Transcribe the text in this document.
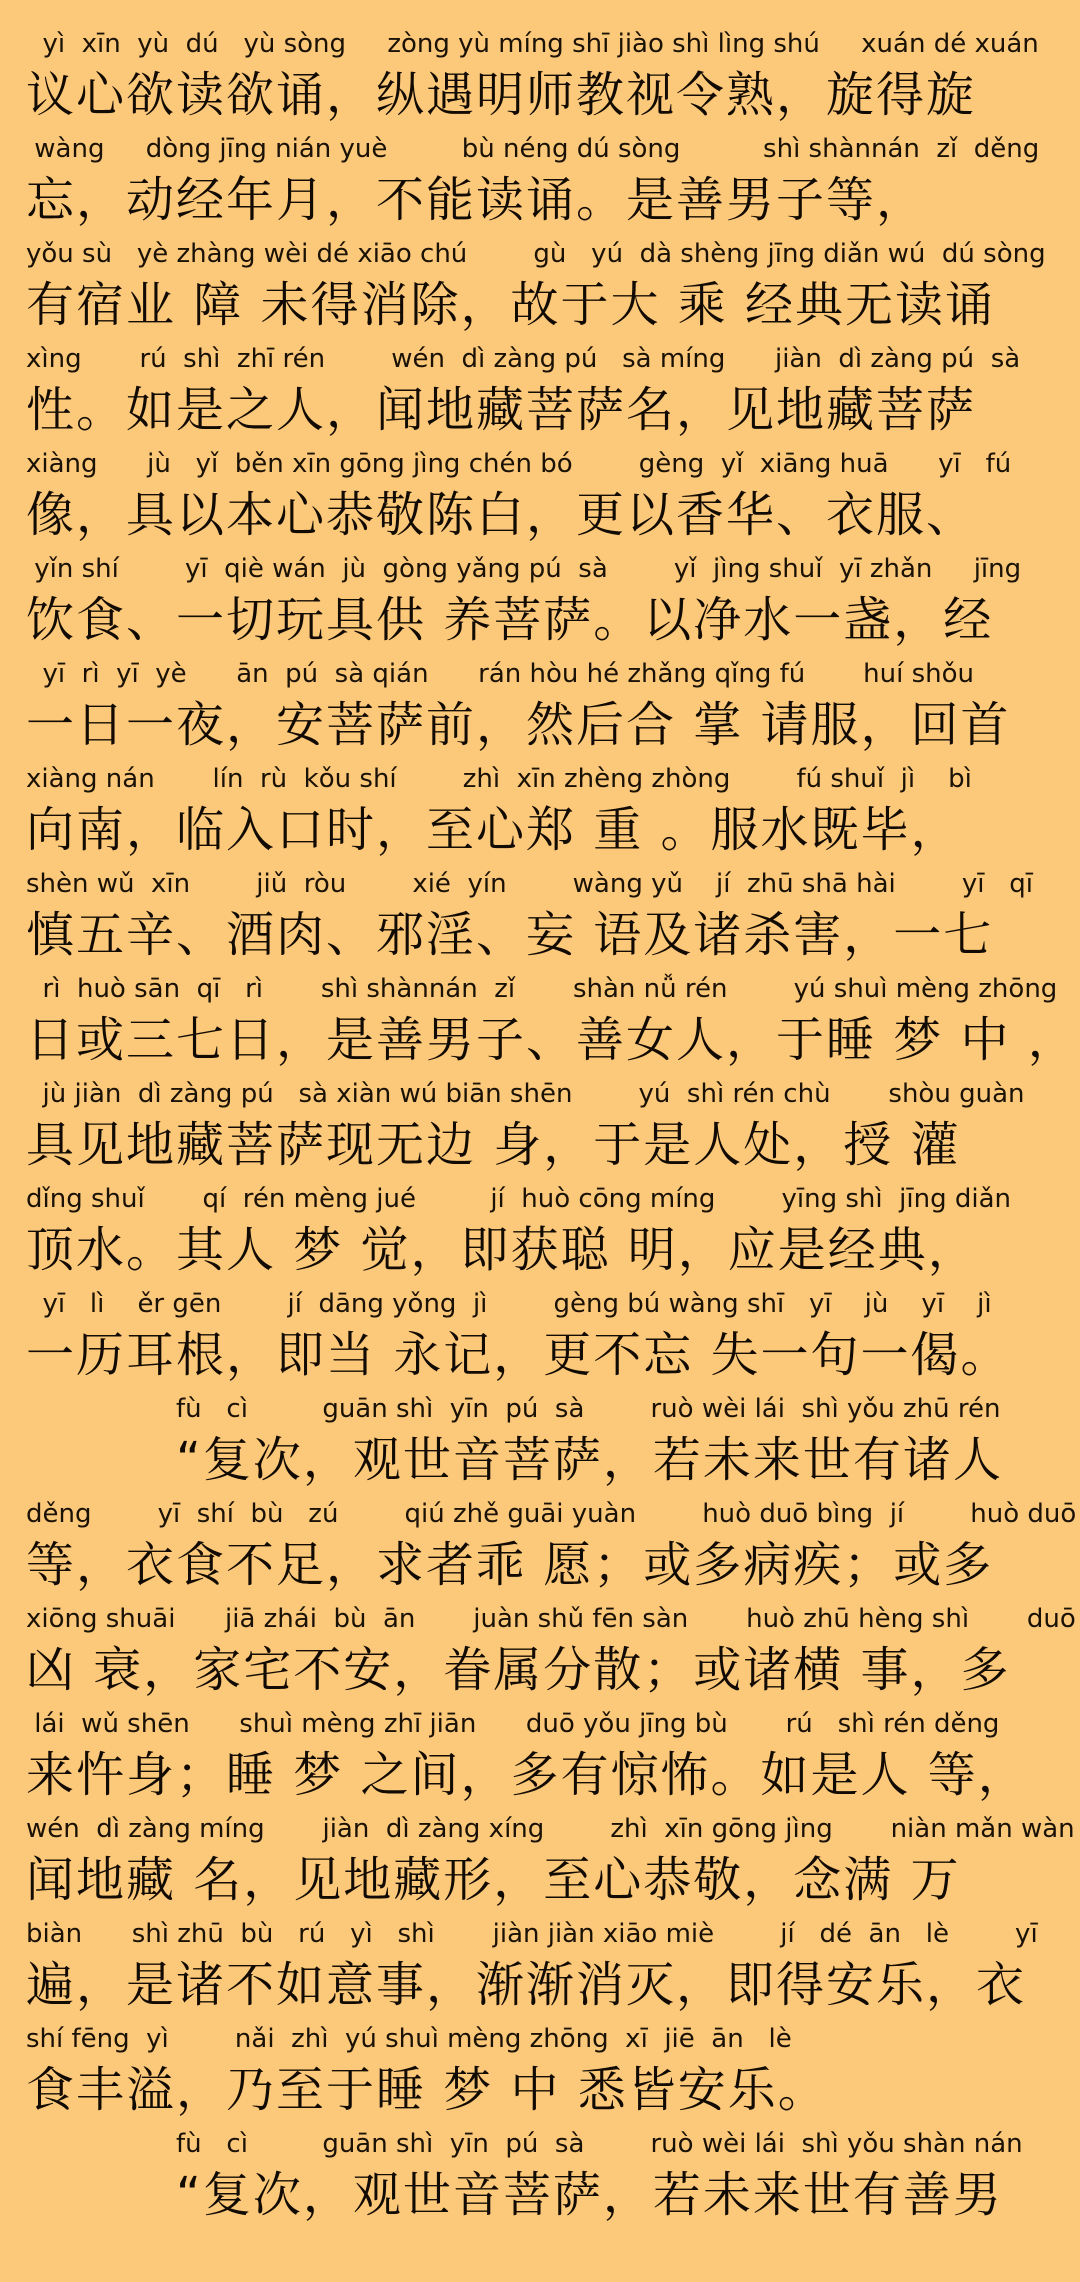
yì  xīn  yù  dú   yù sòng     zòng yù míng shī jiào shì lìng shú     xuán dé xuán
议心欲读欲诵，纵遇明师教视令熟，旋得旋
wàng     dòng jīng nián yuè         bù néng dú sòng          shì shànnán  zǐ  děng
忘，动经年月，不能读诵。是善男子等，
yǒu sù   yè zhàng wèi dé xiāo chú        gù   yú  dà shèng jīng diǎn wú  dú sòng
有宿业 障 未得消除，故于大 乘 经典无读诵
xìng       rú  shì  zhī rén        wén  dì zàng pú   sà míng      jiàn  dì zàng pú  sà
性。如是之人，闻地藏菩萨名，见地藏菩萨
xiàng      jù   yǐ  běn xīn gōng jìng chén bó        gèng  yǐ  xiāng huā      yī   fú
像，具以本心恭敬陈白，更以香华、衣服、
yǐn shí        yī  qiè wán  jù  gòng yǎng pú  sà        yǐ  jìng shuǐ  yī zhǎn     jīng
饮食、一切玩具供 养菩萨。以净水一盏，经
yī  rì  yī  yè      ān  pú  sà qián      rán hòu hé zhǎng qǐng fú       huí shǒu
一日一夜，安菩萨前，然后合 掌 请服，回首
xiàng nán       lín  rù  kǒu shí        zhì  xīn zhèng zhòng        fú shuǐ  jì    bì
向南，临入口时，至心郑 重 。服水既毕，
shèn wǔ  xīn        jiǔ  ròu        xié  yín        wàng yǔ    jí  zhū shā hài        yī   qī
慎五辛、酒肉、邪淫、妄 语及诸杀害，一七
rì  huò sān  qī   rì       shì shànnán  zǐ       shàn nǚ rén        yú shuì mèng zhōng
日或三七日，是善男子、善女人，于睡 梦 中 ，
jù jiàn  dì zàng pú   sà xiàn wú biān shēn        yú  shì rén chù       shòu guàn
具见地藏菩萨现无边 身，于是人处，授 灌
dǐng shuǐ       qí  rén mèng jué         jí  huò cōng míng        yīng shì  jīng diǎn
顶水。其人 梦 觉，即获聪 明，应是经典，
yī   lì    ěr gēn        jí  dāng yǒng  jì        gèng bú wàng shī   yī    jù    yī    jì
一历耳根，即当 永记，更不忘 失一句一偈。
fù   cì         guān shì  yīn  pú  sà        ruò wèi lái  shì yǒu zhū rén
“复次，观世音菩萨，若未来世有诸人
děng        yī  shí  bù   zú        qiú zhě guāi yuàn        huò duō bìng  jí        huò duō
等，衣食不足，求者乖 愿；或多病疾；或多
xiōng shuāi      jiā zhái  bù  ān       juàn shǔ fēn sàn       huò zhū hèng shì       duō
凶 衰，家宅不安，眷属分散；或诸横 事，多
lái  wǔ shēn      shuì mèng zhī jiān      duō yǒu jīng bù       rú   shì rén děng
来忤身；睡 梦 之间，多有惊怖。如是人 等，
wén  dì zàng míng       jiàn  dì zàng xíng        zhì  xīn gōng jìng       niàn mǎn wàn
闻地藏 名，见地藏形，至心恭敬，念满 万
biàn      shì zhū  bù   rú   yì   shì       jiàn jiàn xiāo miè        jí   dé  ān   lè        yī
遍，是诸不如意事，渐渐消灭，即得安乐，衣
shí fēng  yì        nǎi  zhì  yú shuì mèng zhōng  xī  jiē  ān   lè
食丰溢，乃至于睡 梦 中 悉皆安乐。
fù   cì         guān shì  yīn  pú  sà        ruò wèi lái  shì yǒu shàn nán
“复次，观世音菩萨，若未来世有善男
